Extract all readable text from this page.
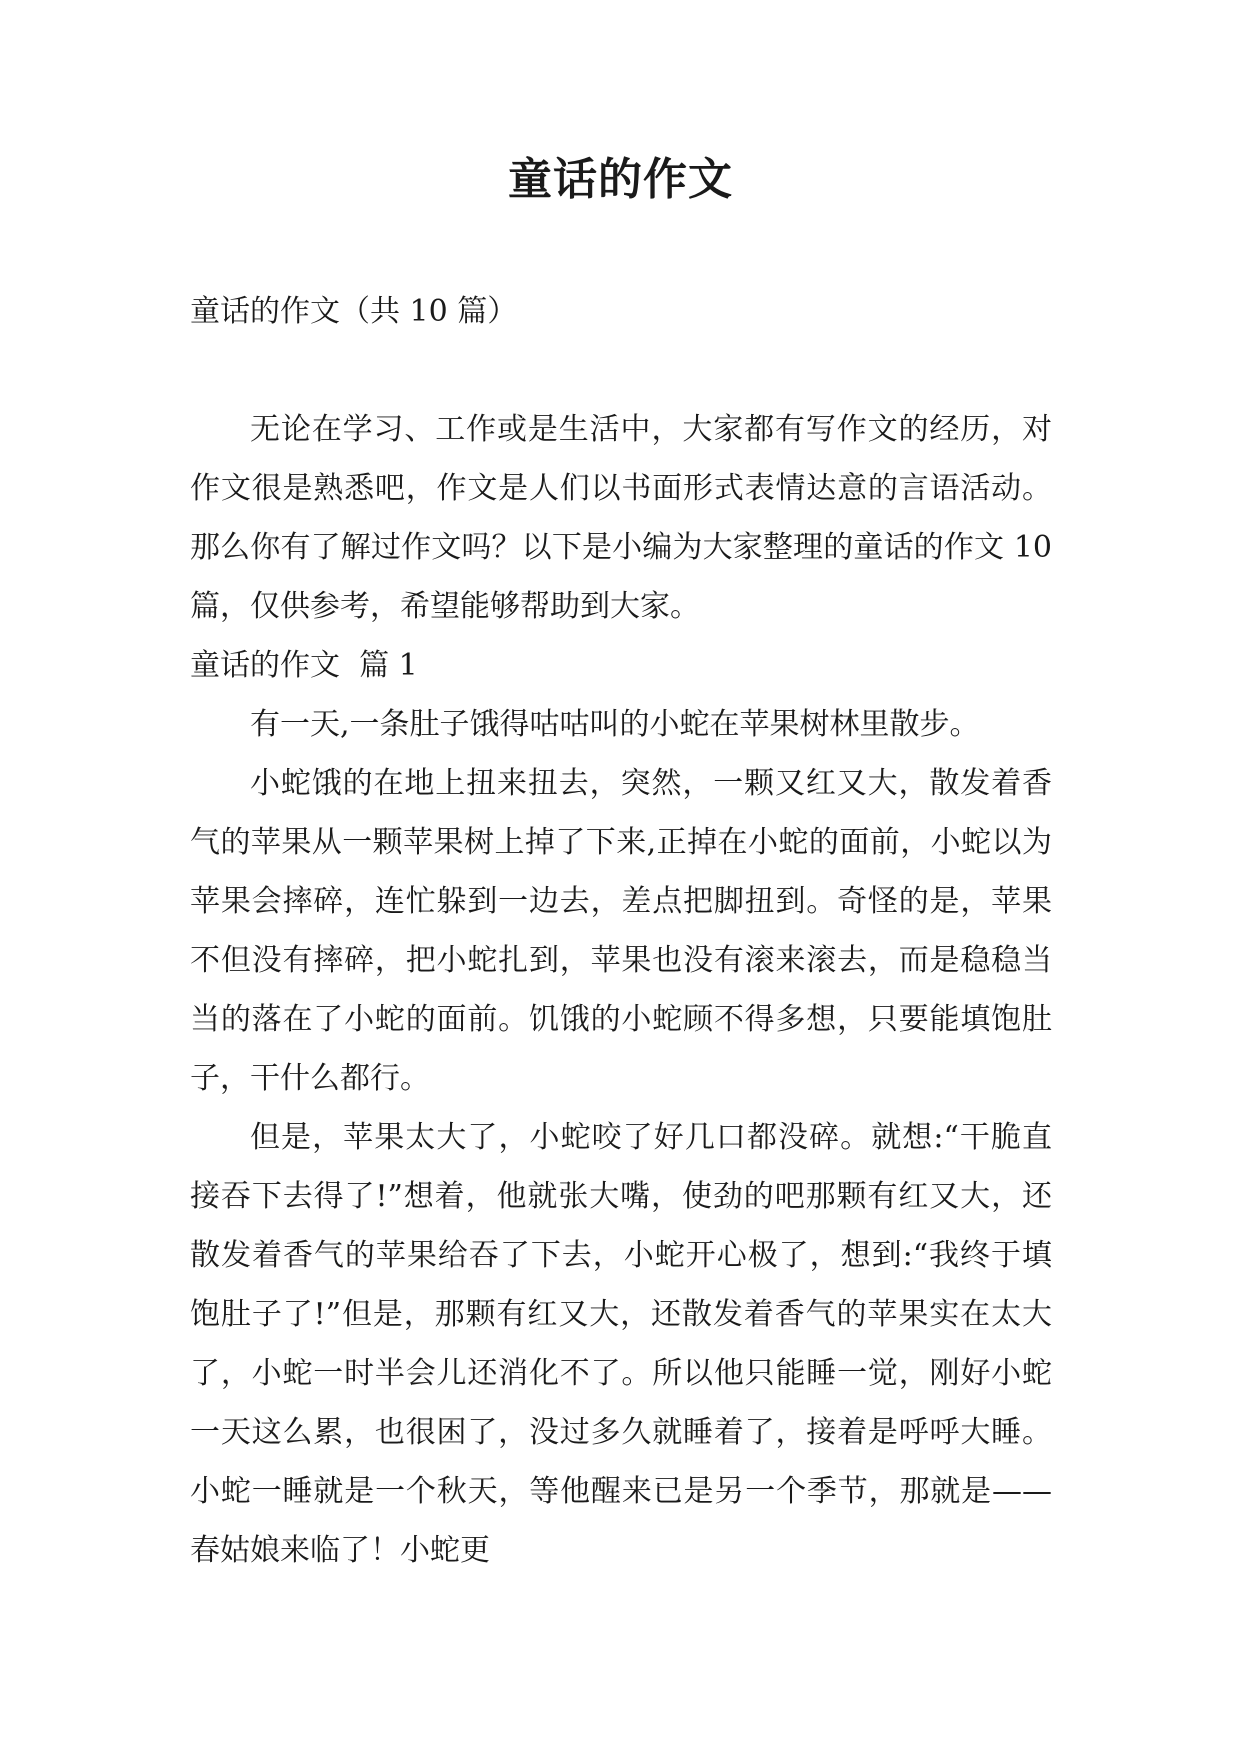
童话的作文

童话的作文（共 10 篇）

无论在学习、工作或是生活中，大家都有写作文的经历，对作文很是熟悉吧，作文是人们以书面形式表情达意的言语活动。那么你有了解过作文吗？以下是小编为大家整理的童话的作文 10 篇，仅供参考，希望能够帮助到大家。

童话的作文  篇 1

有一天,一条肚子饿得咕咕叫的小蛇在苹果树林里散步。

小蛇饿的在地上扭来扭去，突然，一颗又红又大，散发着香气的苹果从一颗苹果树上掉了下来,正掉在小蛇的面前，小蛇以为苹果会摔碎，连忙躲到一边去，差点把脚扭到。奇怪的是，苹果不但没有摔碎，把小蛇扎到，苹果也没有滚来滚去，而是稳稳当当的落在了小蛇的面前。饥饿的小蛇顾不得多想，只要能填饱肚子，干什么都行。

但是，苹果太大了，小蛇咬了好几口都没碎。就想:“干脆直接吞下去得了!”想着，他就张大嘴，使劲的吧那颗有红又大，还散发着香气的苹果给吞了下去，小蛇开心极了，想到:“我终于填饱肚子了!”但是，那颗有红又大，还散发着香气的苹果实在太大了，小蛇一时半会儿还消化不了。所以他只能睡一觉，刚好小蛇一天这么累，也很困了，没过多久就睡着了，接着是呼呼大睡。小蛇一睡就是一个秋天，等他醒来已是另一个季节，那就是——春姑娘来临了！小蛇更
